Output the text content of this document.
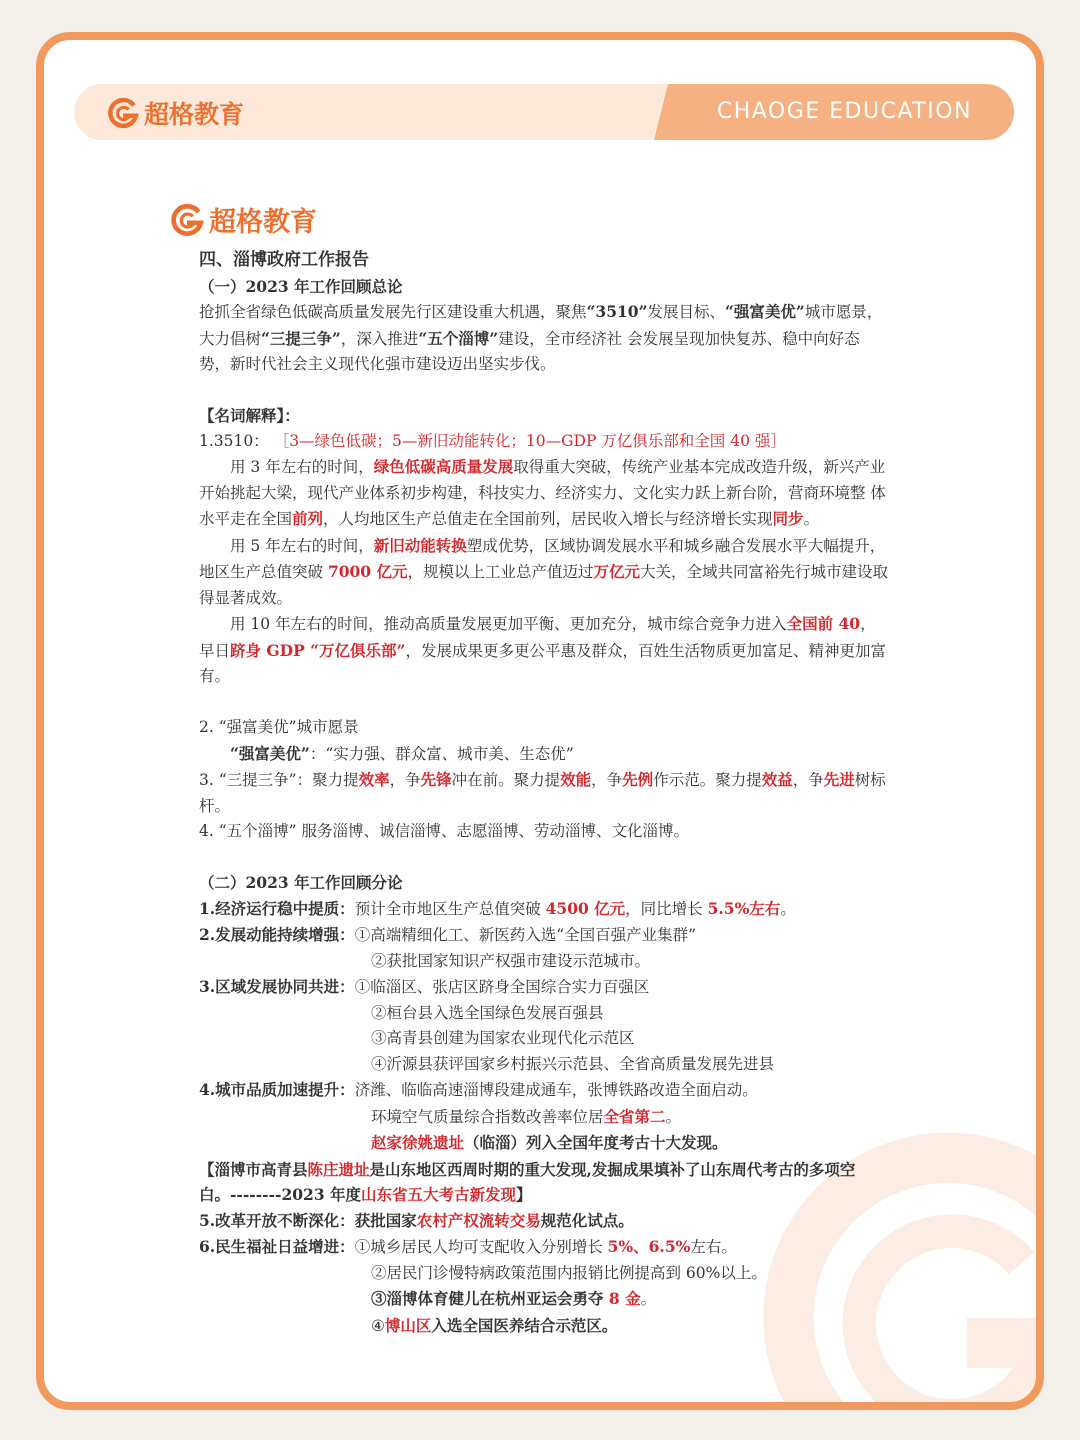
CHAOGE EDUCATION
超格教育
超格教育

四、淄博政府工作报告

（一）2023 年工作回顾总论

抢抓全省绿色低碳高质量发展先行区建设重大机遇，聚焦“3510”发展目标、“强富美优”城市愿景，大力倡树“三提三争”，深入推进“五个淄博”建设，全市经济社 会发展呈现加快复苏、稳中向好态势，新时代社会主义现代化强市建设迈出坚实步伐。

【名词解释】：

1.3510： ［3—绿色低碳；5—新旧动能转化；10—GDP 万亿俱乐部和全国 40 强］

用 3 年左右的时间，绿色低碳高质量发展取得重大突破，传统产业基本完成改造升级，新兴产业 开始挑起大梁，现代产业体系初步构建，科技实力、经济实力、文化实力跃上新台阶，营商环境整 体水平走在全国前列，人均地区生产总值走在全国前列，居民收入增长与经济增长实现同步。

用 5 年左右的时间，新旧动能转换塑成优势，区域协调发展水平和城乡融合发展水平大幅提升， 地区生产总值突破 7000 亿元，规模以上工业总产值迈过万亿元大关，全域共同富裕先行城市建设取得显著成效。

用 10 年左右的时间，推动高质量发展更加平衡、更加充分，城市综合竞争力进入全国前 40，早日跻身 GDP “万亿俱乐部”，发展成果更多更公平惠及群众，百姓生活物质更加富足、精神更加富有。

2. “强富美优”城市愿景

“强富美优”：“实力强、群众富、城市美、生态优”

3. “三提三争”：聚力提效率，争先锋冲在前。聚力提效能，争先例作示范。聚力提效益，争先进树标杆。

4. “五个淄博” 服务淄博、诚信淄博、志愿淄博、劳动淄博、文化淄博。

（二）2023 年工作回顾分论

1.经济运行稳中提质：预计全市地区生产总值突破 4500 亿元，同比增长 5.5%左右。

2.发展动能持续增强：①高端精细化工、新医药入选“全国百强产业集群”

②获批国家知识产权强市建设示范城市。

3.区域发展协同共进：①临淄区、张店区跻身全国综合实力百强区

②桓台县入选全国绿色发展百强县

③高青县创建为国家农业现代化示范区

④沂源县获评国家乡村振兴示范县、全省高质量发展先进县

4.城市品质加速提升：济潍、临临高速淄博段建成通车，张博铁路改造全面启动。

环境空气质量综合指数改善率位居全省第二。

赵家徐姚遗址（临淄）列入全国年度考古十大发现。

【淄博市高青县陈庄遗址是山东地区西周时期的重大发现,发掘成果填补了山东周代考古的多项空白。--------2023 年度山东省五大考古新发现】

5.改革开放不断深化：获批国家农村产权流转交易规范化试点。

6.民生福祉日益增进：①城乡居民人均可支配收入分别增长 5%、6.5%左右。

②居民门诊慢特病政策范围内报销比例提高到 60%以上。

③淄博体育健儿在杭州亚运会勇夺 8 金。

④博山区入选全国医养结合示范区。
